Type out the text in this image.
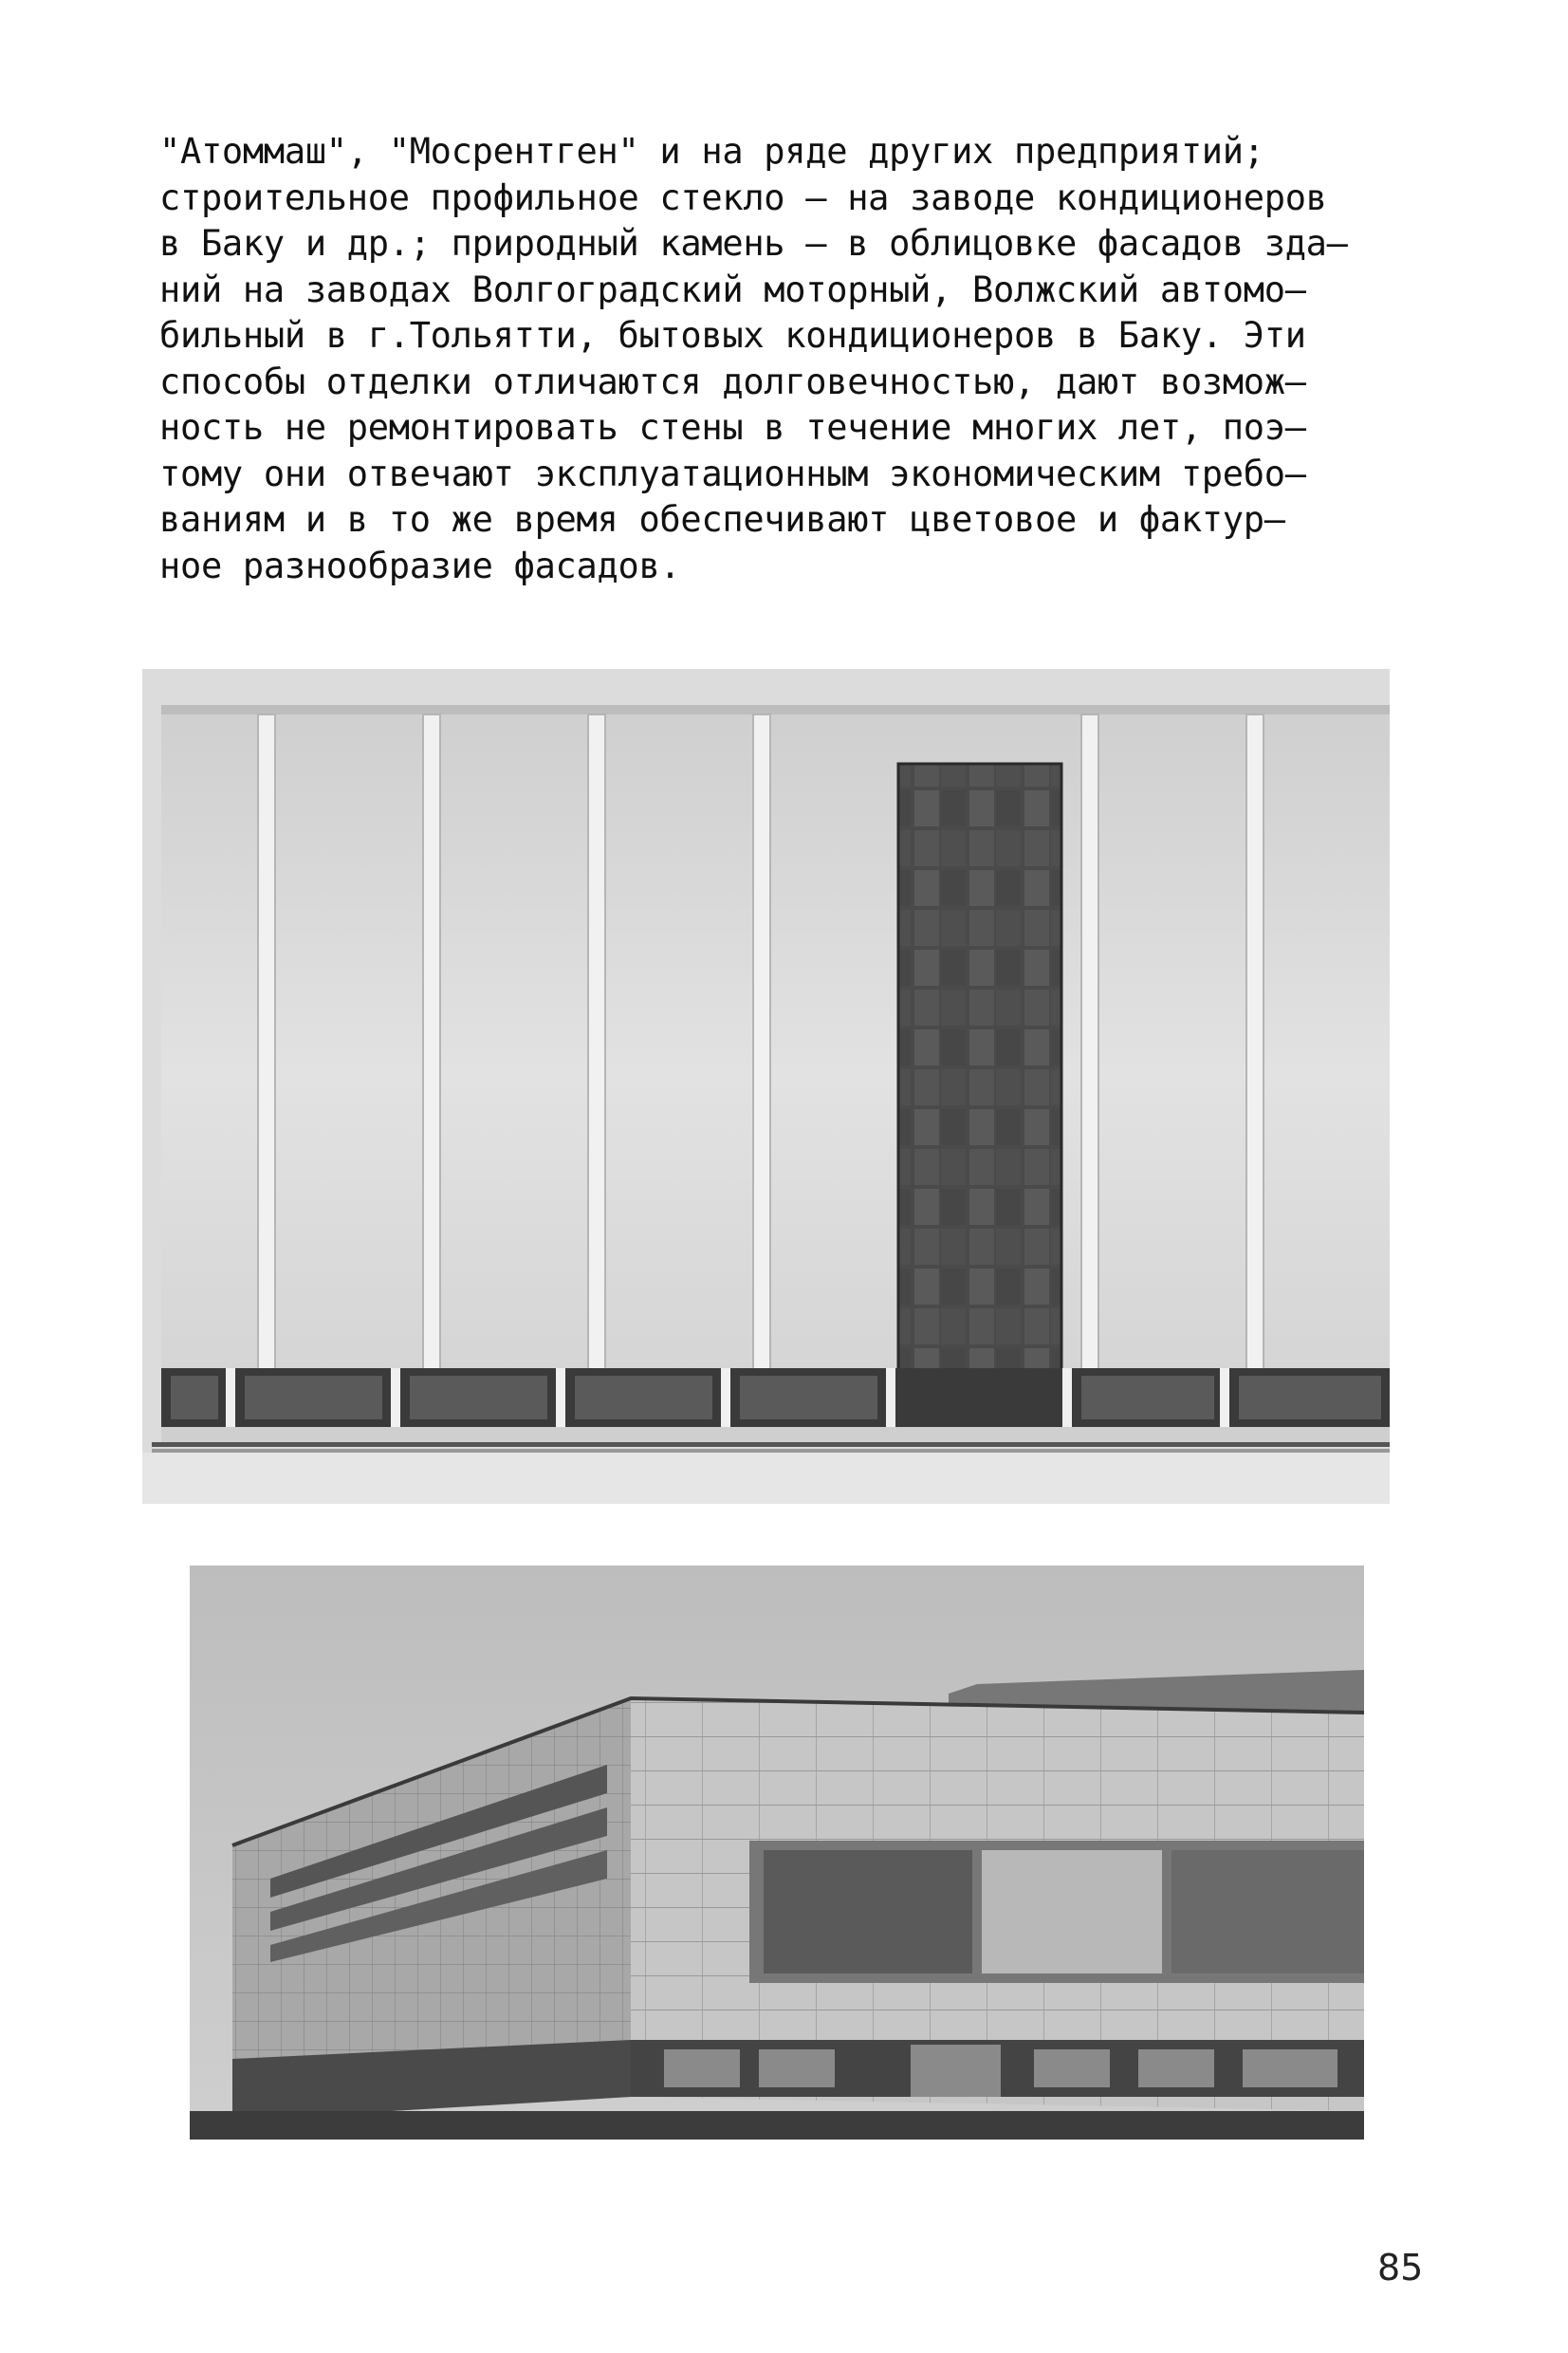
"Атоммаш", "Мосрентген" и на ряде других предприятий;
строительное профильное стекло – на заводе кондиционеров
в Баку и др.; природный камень – в облицовке фасадов зда–
ний на заводах Волгоградский моторный, Волжский автомо–
бильный в г.Тольятти, бытовых кондиционеров в Баку. Эти
способы отделки отличаются долговечностью, дают возмож–
ность не ремонтировать стены в течение многих лет, поэ–
тому они отвечают эксплуатационным экономическим требо–
ваниям и в то же время обеспечивают цветовое и фактур–
ное разнообразие фасадов.
85
